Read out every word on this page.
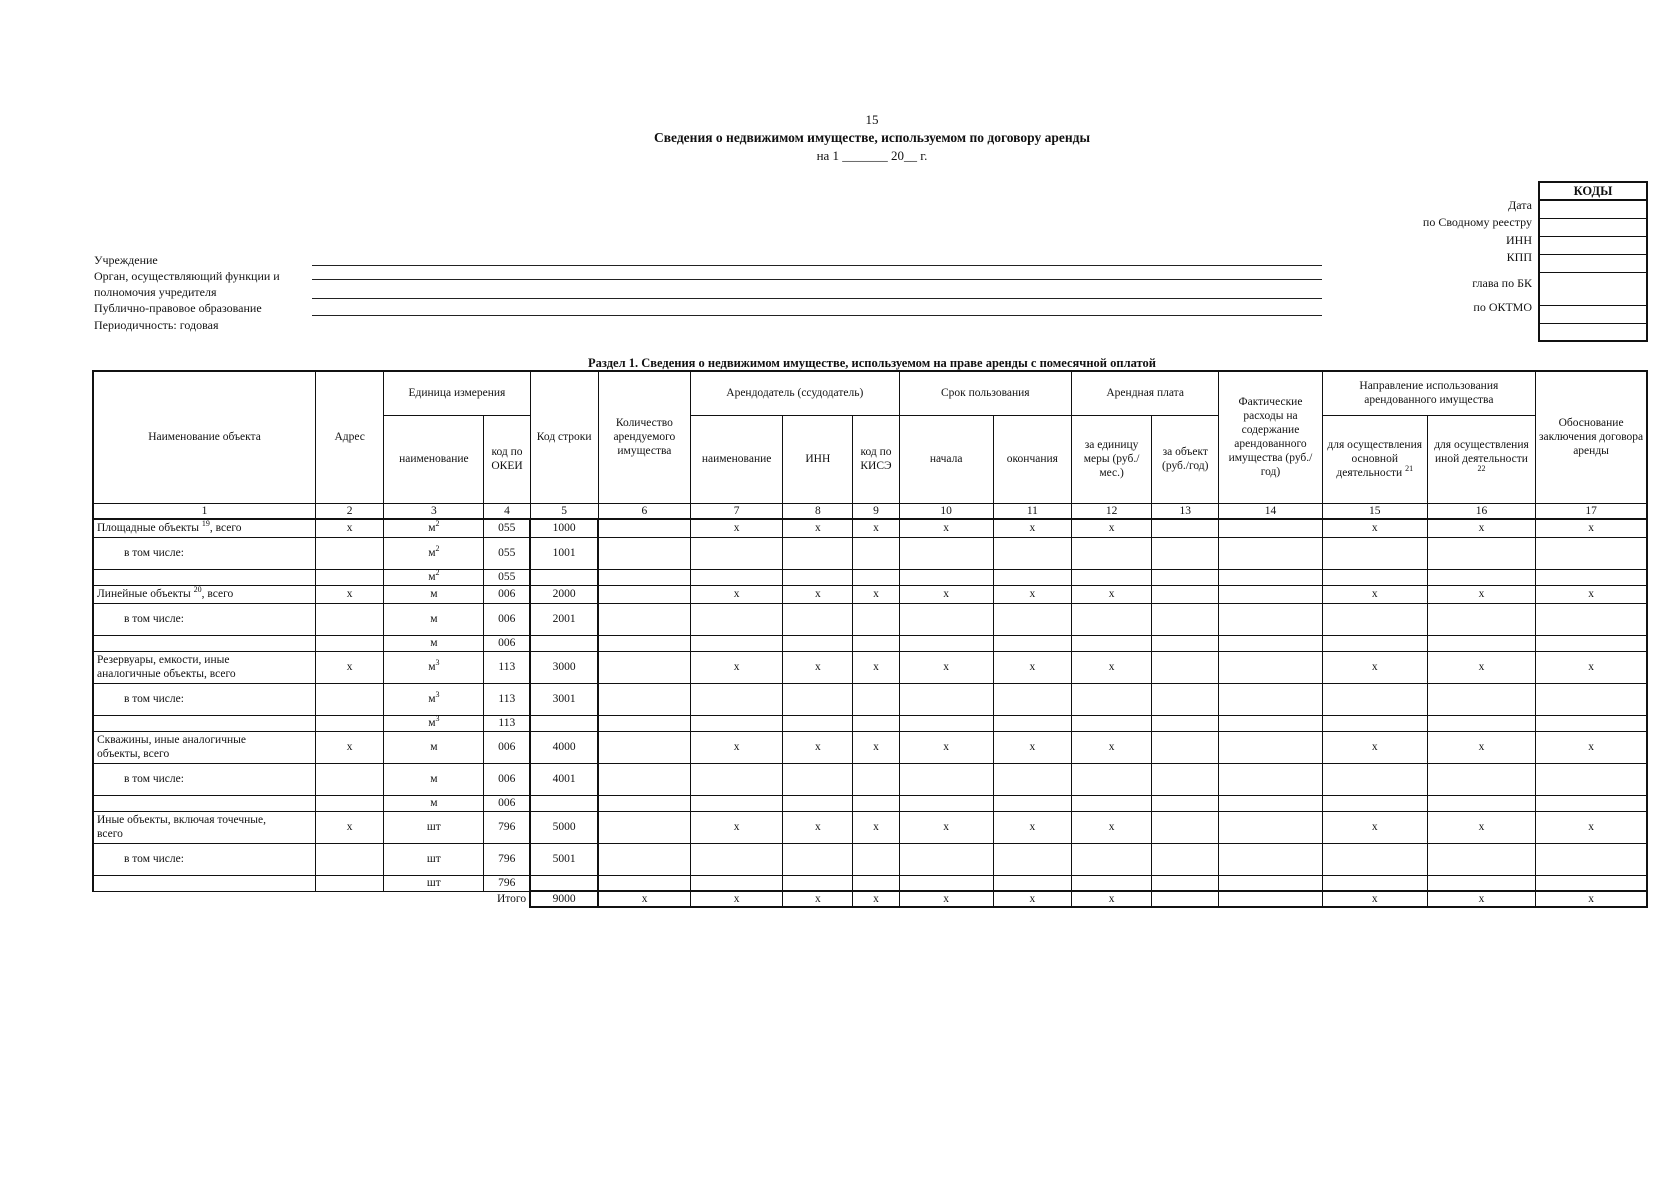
15
Сведения о недвижимом имуществе, используемом по договору аренды
на 1 _______ 20__ г.
Учреждение
Орган, осуществляющий функции и
полномочия учредителя
Публично-правовое образование
Периодичность: годовая
Дата
по Сводному реестру
ИНН
КПП
глава по БК
по ОКТМО
КОДЫ
Раздел 1. Сведения о недвижимом имуществе, используемом на праве аренды с помесячной оплатой
Наименование объекта	Адрес	Единица измерения		Код строки	Количество арендуемого имущества	Арендодатель (ссудодатель)			Срок пользования		Арендная плата		Фактические расходы на содержание арендованного имущества (руб./год)	Направление использования арендованного имущества		Обоснование заключения договора аренды
		наименование	код по ОКЕИ			наименование	ИНН	код по КИСЭ	начала	окончания	за единицу меры (руб./мес.)	за объект (руб./год)		для осуществления основной деятельности $^{21}$	для осуществления иной деятельности $^{22}$
1	2	3	4	5	6	7	8	9	10	11	12	13	14	15	16	17
Площадные объекты $^{19}$, всего	x	$м^2$	055	1000		x	x	x	x	x	x			x	x	x
в том числе:		$м^2$	055	1001												
		$м^2$	055													
Линейные объекты $^{20}$, всего	x	м	006	2000		x	x	x	x	x	x			x	x	x
в том числе:		м	006	2001												
		м	006													

Резервуары, емкости, иные
аналогичные объекты, всего	x	$м^3$	113	3000		x	x	x	x	x	x			x	x	x
в том числе:		$м^3$	113	3001												
		$м^3$	113													

Скважины, иные аналогичные
объекты, всего	x	м	006	4000		x	x	x	x	x	x			x	x	x
в том числе:		м	006	4001												
		м	006													

Иные объекты, включая точечные,
всего	x	шт	796	5000		x	x	x	x	x	x			x	x	x
в том числе:		шт	796	5001												
		шт	796													
Итого				9000	x	x	x	x	x	x	x			x	x	x
